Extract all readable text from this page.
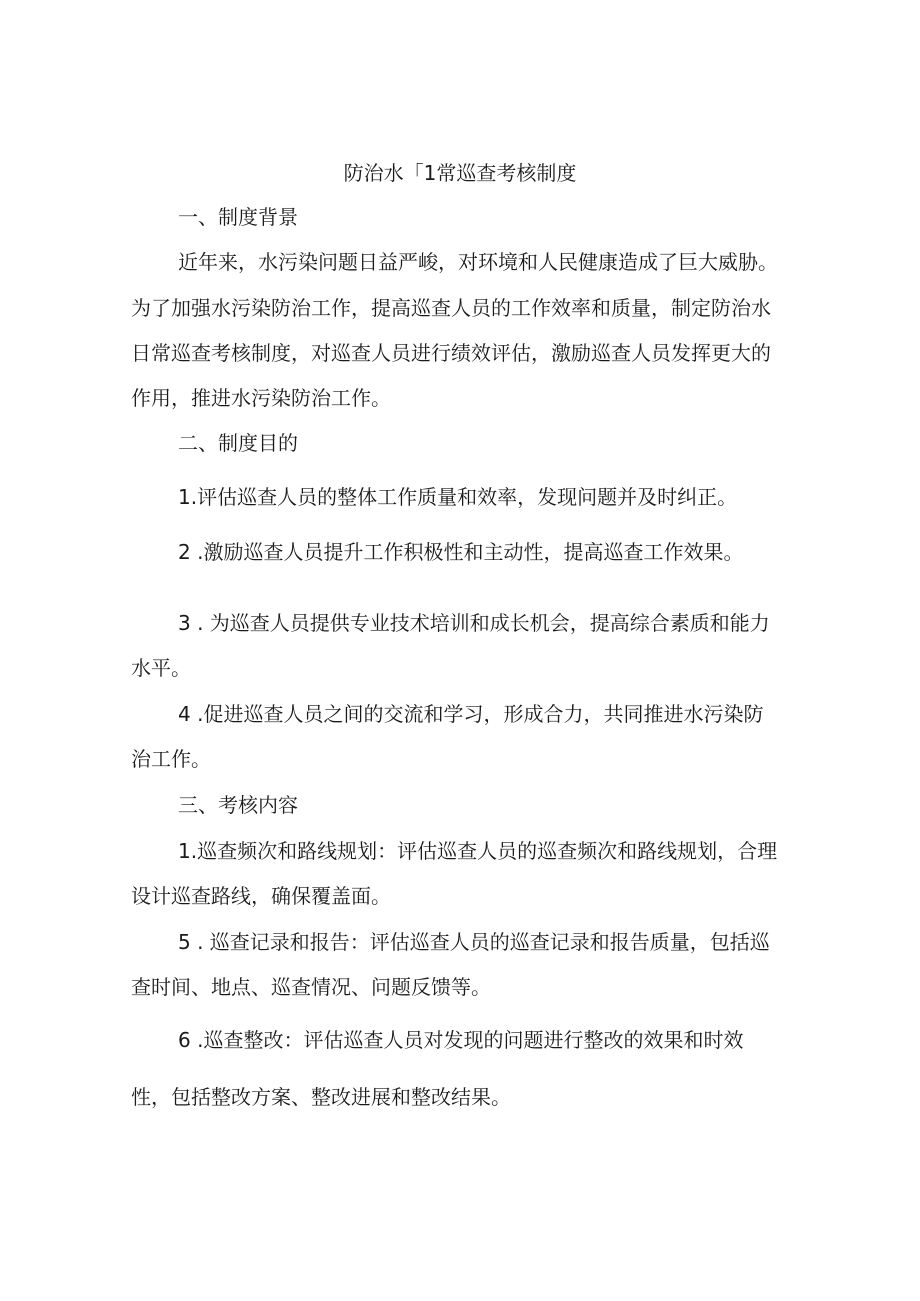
防治水「1常巡查考核制度
一、制度背景
近年来，水污染问题日益严峻，对环境和人民健康造成了巨大威胁。
为了加强水污染防治工作，提高巡查人员的工作效率和质量，制定防治水
日常巡查考核制度，对巡查人员进行绩效评估，激励巡查人员发挥更大的
作用，推进水污染防治工作。
二、制度目的
1.评估巡查人员的整体工作质量和效率，发现问题并及时纠正。
2 .激励巡查人员提升工作积极性和主动性，提高巡查工作效果。
3 . 为巡查人员提供专业技术培训和成长机会，提高综合素质和能力
水平。
4 .促进巡查人员之间的交流和学习，形成合力，共同推进水污染防
治工作。
三、考核内容
1.巡查频次和路线规划：评估巡查人员的巡查频次和路线规划，合理
设计巡查路线，确保覆盖面。
5 . 巡查记录和报告：评估巡查人员的巡查记录和报告质量，包括巡
查时间、地点、巡查情况、问题反馈等。
6 .巡查整改：评估巡查人员对发现的问题进行整改的效果和时效
性，包括整改方案、整改进展和整改结果。
